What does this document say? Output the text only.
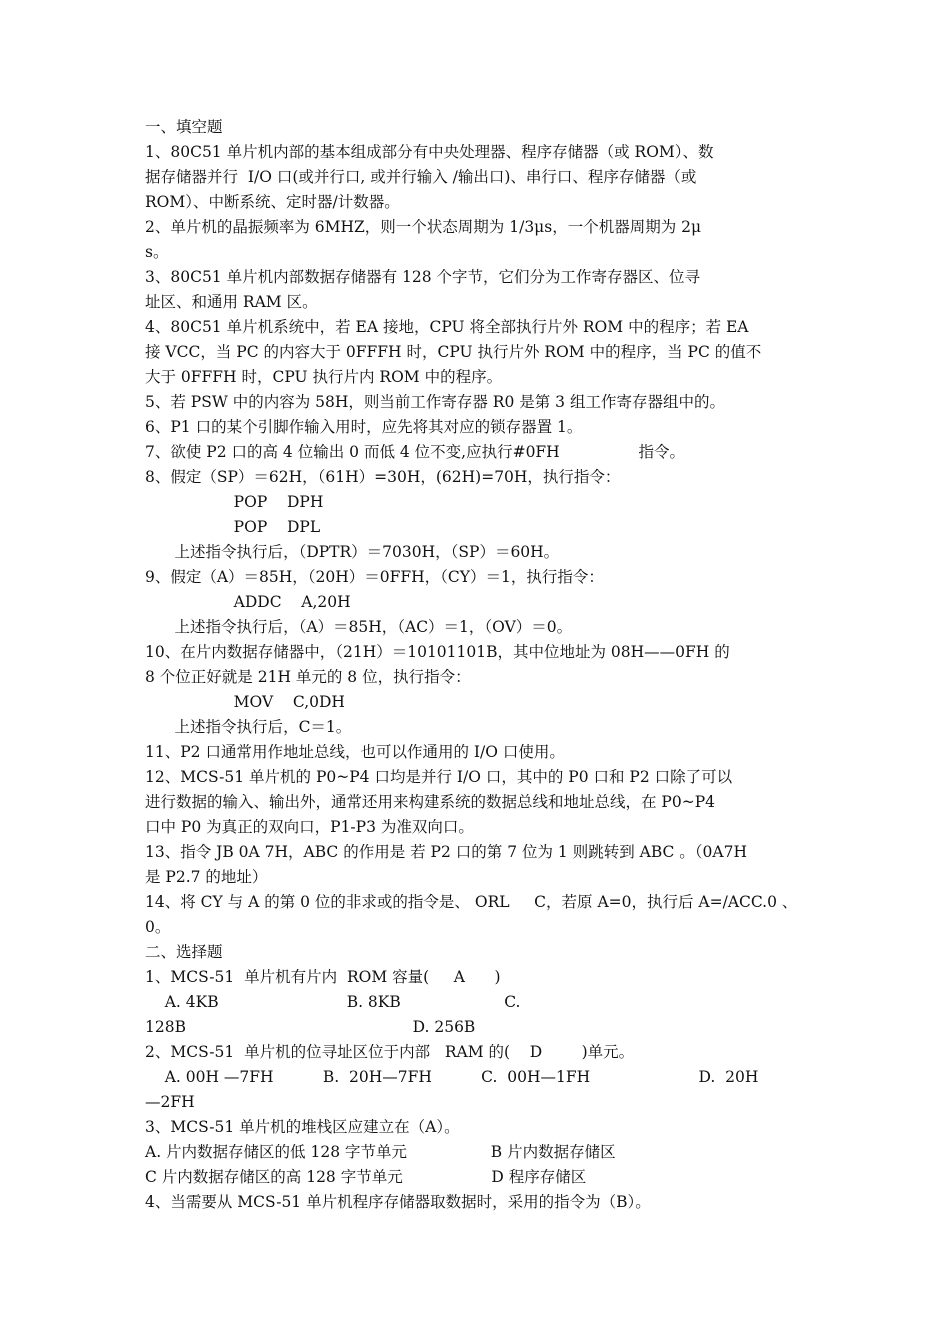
一、填空题
1、80C51 单片机内部的基本组成部分有中央处理器、程序存储器（或 ROM）、数
据存储器并行  I/O 口(或并行口, 或并行输入 /输出口)、串行口、程序存储器（或
ROM）、中断系统、定时器/计数器。
2、单片机的晶振频率为 6MHZ，则一个状态周期为 1/3μs，一个机器周期为 2μ
s。
3、80C51 单片机内部数据存储器有 128 个字节，它们分为工作寄存器区、位寻
址区、和通用 RAM 区。
4、80C51 单片机系统中，若 EA 接地，CPU 将全部执行片外 ROM 中的程序；若 EA
接 VCC，当 PC 的内容大于 0FFFH 时，CPU 执行片外 ROM 中的程序，当 PC 的值不
大于 0FFFH 时，CPU 执行片内 ROM 中的程序。
5、若 PSW 中的内容为 58H，则当前工作寄存器 R0 是第 3 组工作寄存器组中的。
6、P1 口的某个引脚作输入用时，应先将其对应的锁存器置 1。
7、欲使 P2 口的高 4 位输出 0 而低 4 位不变,应执行#0FH                指令。
8、假定（SP）＝62H，（61H）=30H，(62H)=70H，执行指令：
POP    DPH
POP    DPL
上述指令执行后，（DPTR）＝7030H，（SP）＝60H。
9、假定（A）＝85H，（20H）＝0FFH，（CY）＝1，执行指令：
ADDC    A,20H
上述指令执行后，（A）＝85H，（AC）＝1，（OV）＝0。
10、在片内数据存储器中，（21H）＝10101101B，其中位地址为 08H——0FH 的
8 个位正好就是 21H 单元的 8 位，执行指令：
MOV    C,0DH
上述指令执行后，C＝1。
11、P2 口通常用作地址总线，也可以作通用的 I/O 口使用。
12、MCS-51 单片机的 P0~P4 口均是并行 I/O 口，其中的 P0 口和 P2 口除了可以
进行数据的输入、输出外，通常还用来构建系统的数据总线和地址总线，在 P0~P4
口中 P0 为真正的双向口，P1-P3 为准双向口。
13、指令 JB 0A 7H，ABC 的作用是 若 P2 口的第 7 位为 1 则跳转到 ABC 。（0A7H
是 P2.7 的地址）
14、将 CY 与 A 的第 0 位的非求或的指令是、 ORL     C，若原 A=0，执行后 A=/ACC.0 、
0。
二、选择题
1、MCS-51  单片机有片内  ROM 容量(     A      )
A. 4KB                          B. 8KB                     C.
128B                                              D. 256B
2、MCS-51  单片机的位寻址区位于内部   RAM 的(    D        )单元。
A. 00H —7FH          B.  20H—7FH          C.  00H—1FH                      D.  20H
—2FH
3、MCS-51 单片机的堆栈区应建立在（A）。
A. 片内数据存储区的低 128 字节单元                 B 片内数据存储区
C 片内数据存储区的高 128 字节单元                  D 程序存储区
4、当需要从 MCS-51 单片机程序存储器取数据时，采用的指令为（B）。
